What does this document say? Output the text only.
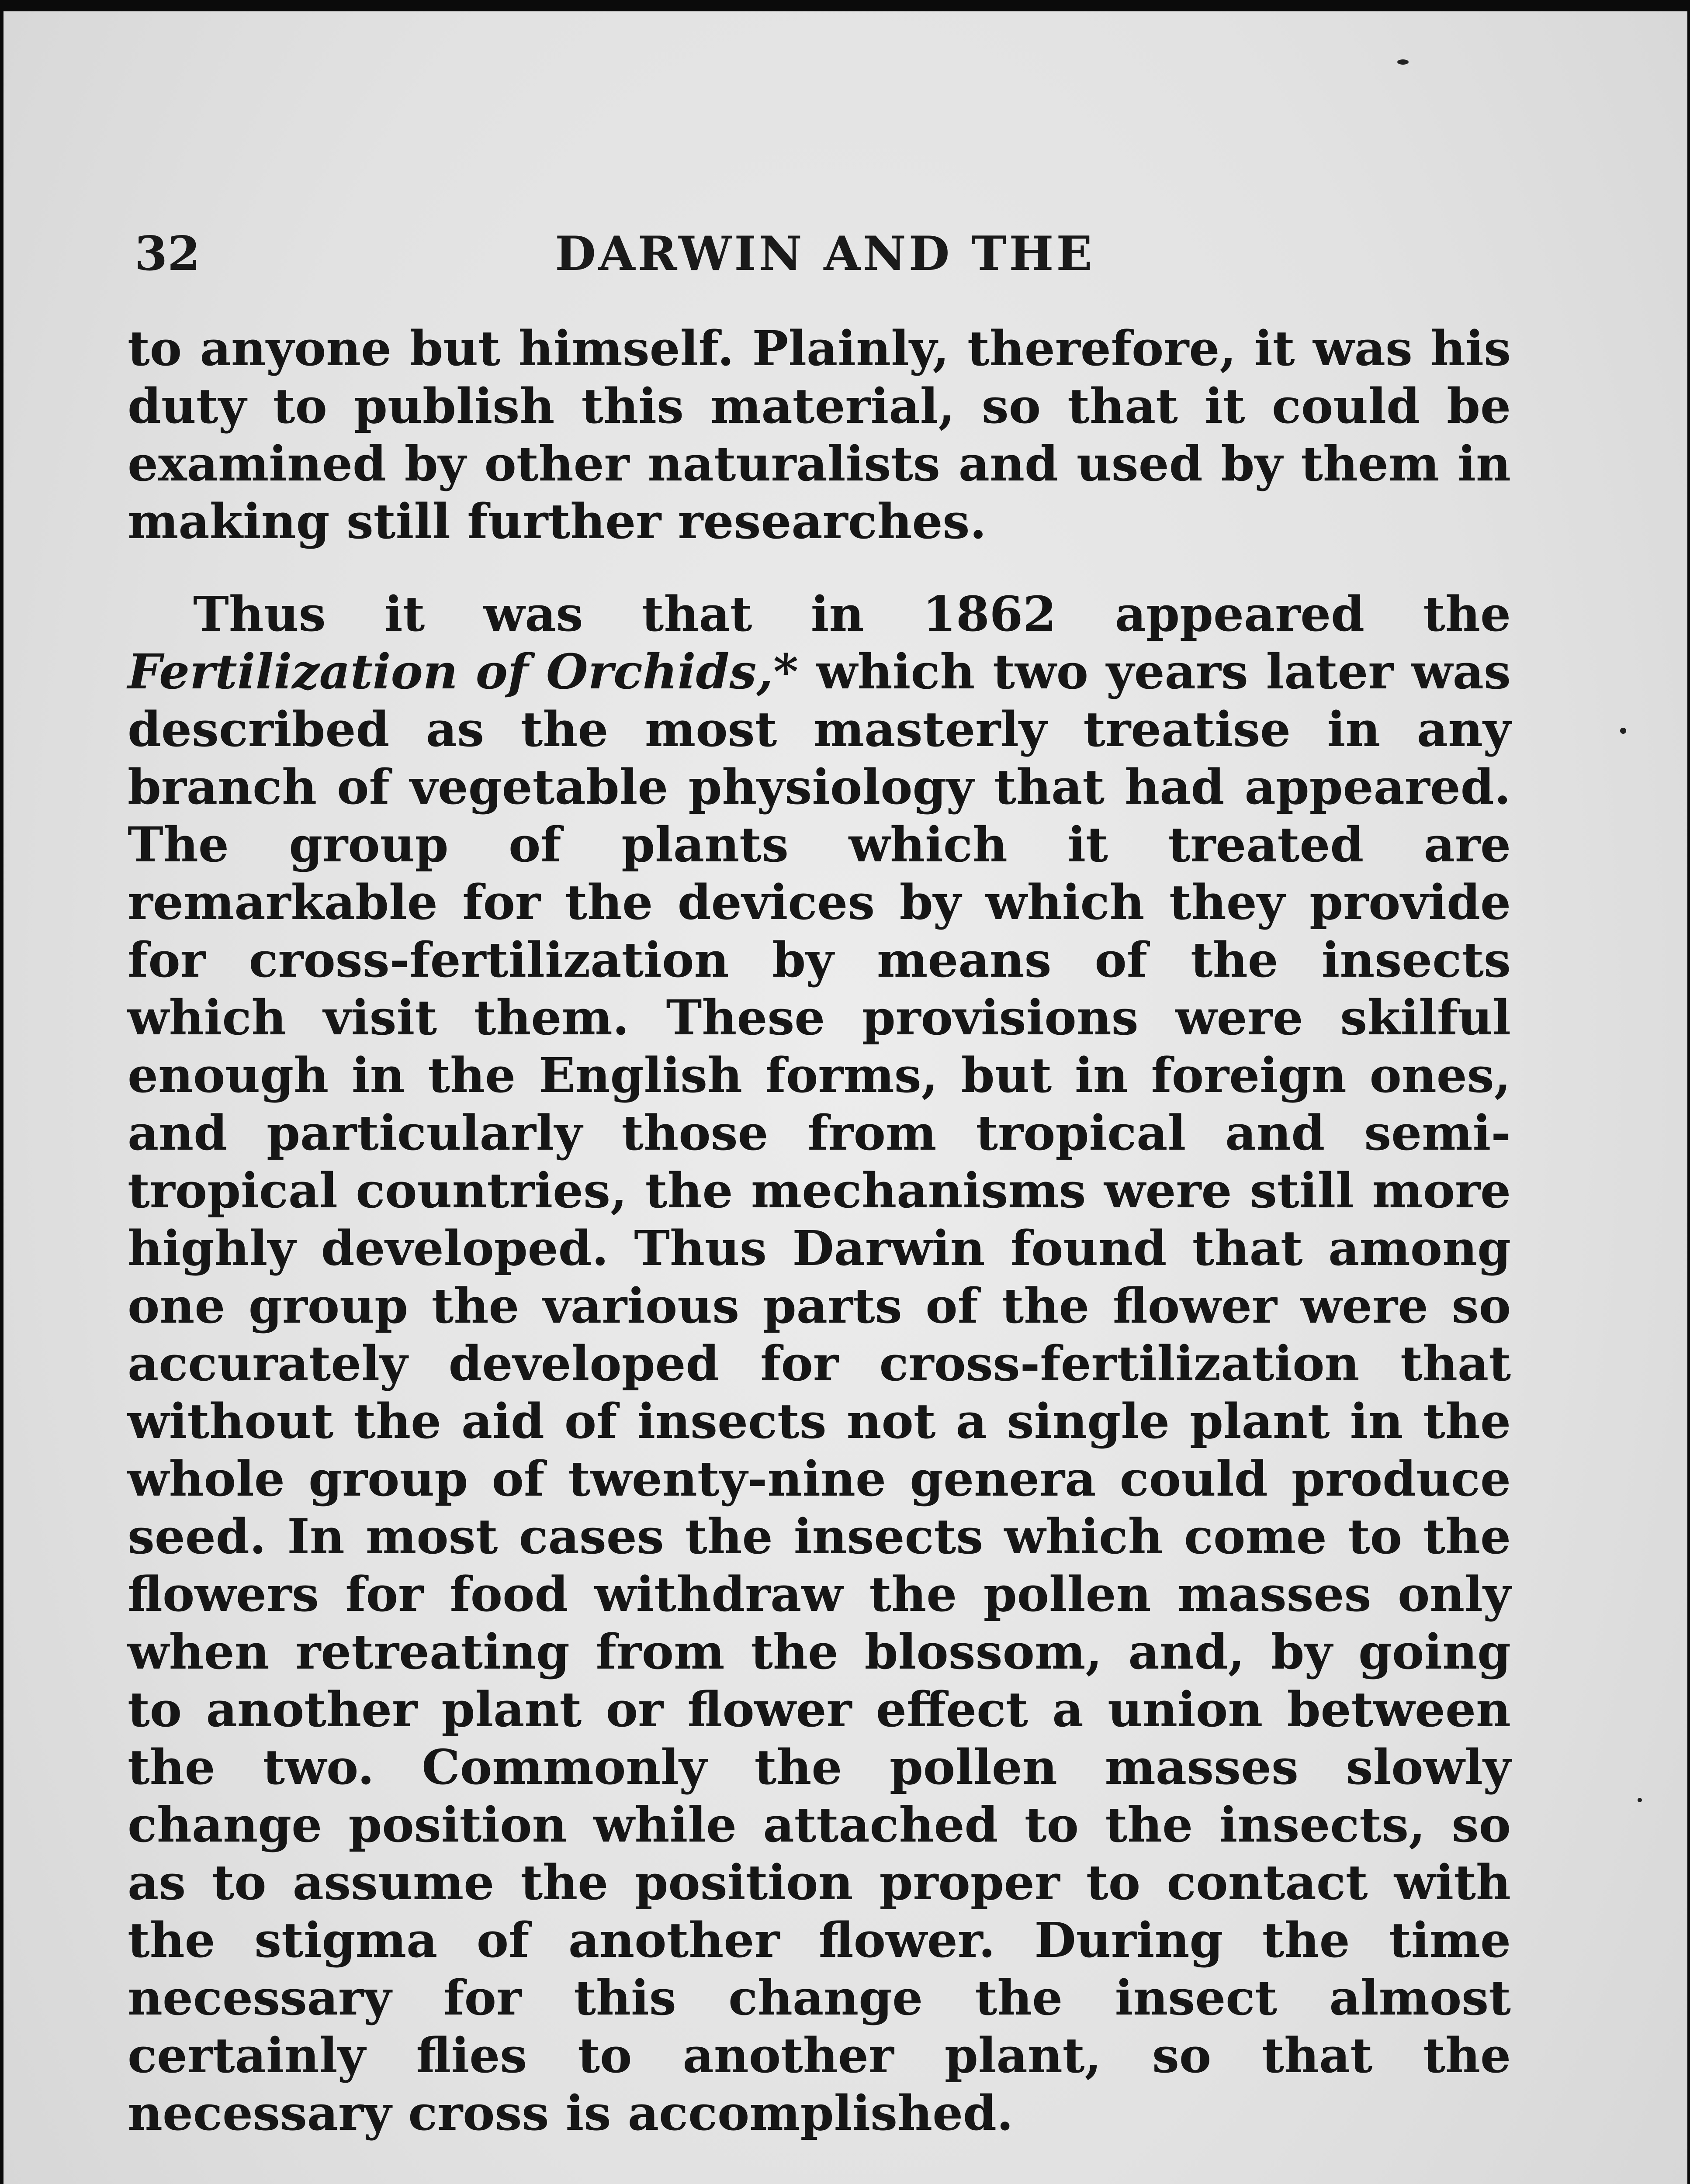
32	DARWIN AND THE

to anyone but himself. Plainly, therefore, it was his duty to publish this material, so that it could be examined by other naturalists and used by them in making still further researches.

Thus it was that in 1862 appeared the Fertilization of Orchids,* which two years later was described as the most masterly treatise in any branch of vegetable physiology that had appeared. The group of plants which it treated are remarkable for the devices by which they provide for cross-fertilization by means of the insects which visit them. These provisions were skilful enough in the English forms, but in foreign ones, and particularly those from tropical and semi-tropical countries, the mechanisms were still more highly developed. Thus Darwin found that among one group the various parts of the flower were so accurately developed for cross-fertilization that without the aid of insects not a single plant in the whole group of twenty-nine genera could produce seed. In most cases the insects which come to the flowers for food withdraw the pollen masses only when retreating from the blossom, and, by going to another plant or flower effect a union between the two. Commonly the pollen masses slowly change position while attached to the insects, so as to assume the position proper to contact with the stigma of another flower. During the time necessary for this change the insect almost certainly flies to another plant, so that the necessary cross is accomplished.
